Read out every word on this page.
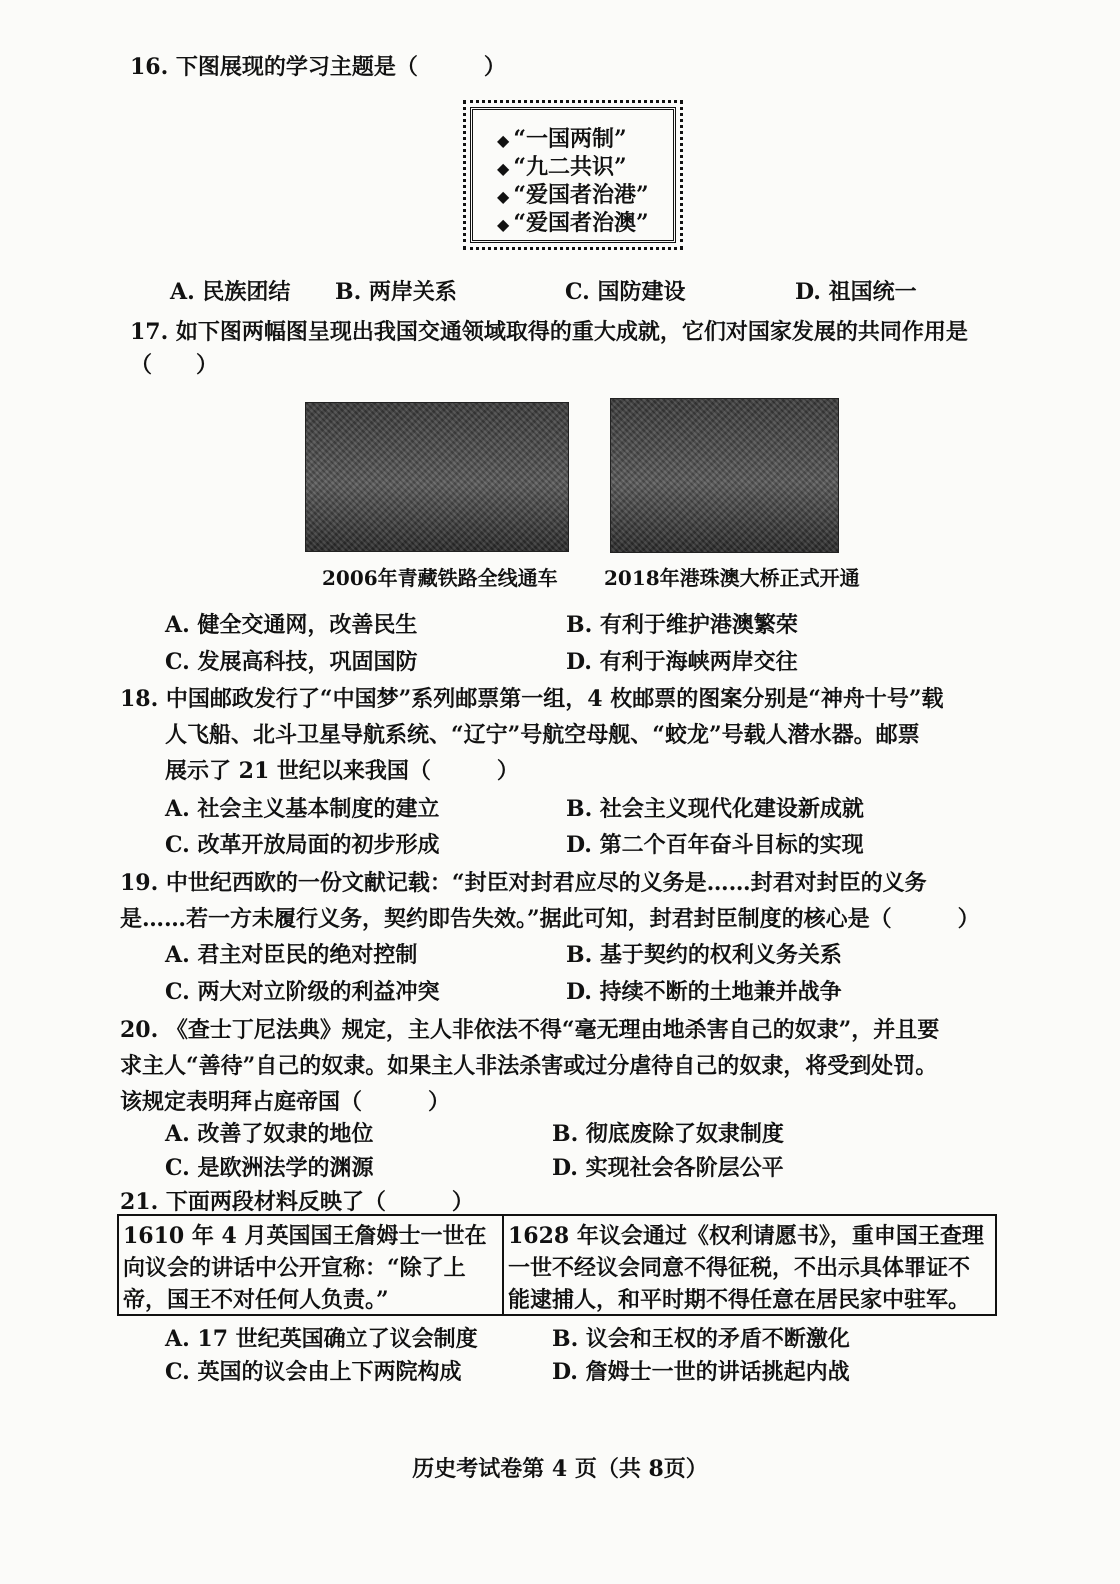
16. 下图展现的学习主题是（　　　）
◆ “一国两制”
◆ “九二共识”
◆ “爱国者治港”
◆ “爱国者治澳”
A. 民族团结 B. 两岸关系	C. 国防建设	D. 祖国统一
17. 如下图两幅图呈现出我国交通领域取得的重大成就，它们对国家发展的共同作用是
（　　）
2006年青藏铁路全线通车 2018年港珠澳大桥正式开通
A. 健全交通网，改善民生	B. 有利于维护港澳繁荣
C. 发展高科技，巩固国防	D. 有利于海峡两岸交往
18. 中国邮政发行了“中国梦”系列邮票第一组，4 枚邮票的图案分别是“神舟十号”载
人飞船、北斗卫星导航系统、“辽宁”号航空母舰、“蛟龙”号载人潜水器。邮票
展示了 21 世纪以来我国（　　　）
A. 社会主义基本制度的建立	B. 社会主义现代化建设新成就
C. 改革开放局面的初步形成	D. 第二个百年奋斗目标的实现
19. 中世纪西欧的一份文献记载：“封臣对封君应尽的义务是……封君对封臣的义务
是……若一方未履行义务，契约即告失效。”据此可知，封君封臣制度的核心是（　　　）
A. 君主对臣民的绝对控制	B. 基于契约的权利义务关系
C. 两大对立阶级的利益冲突	D. 持续不断的土地兼并战争
20. 《查士丁尼法典》规定，主人非依法不得“毫无理由地杀害自己的奴隶”，并且要
求主人“善待”自己的奴隶。如果主人非法杀害或过分虐待自己的奴隶，将受到处罚。
该规定表明拜占庭帝国（　　　）
A. 改善了奴隶的地位	B. 彻底废除了奴隶制度
C. 是欧洲法学的渊源	D. 实现社会各阶层公平
21. 下面两段材料反映了（　　　）
1610 年 4 月英国国王詹姆士一世在向议会的讲话中公开宣称：“除了上帝，国王不对任何人负责。”
1628 年议会通过《权利请愿书》，重申国王查理一世不经议会同意不得征税，不出示具体罪证不能逮捕人，和平时期不得任意在居民家中驻军。
A. 17 世纪英国确立了议会制度	B. 议会和王权的矛盾不断激化
C. 英国的议会由上下两院构成	D. 詹姆士一世的讲话挑起内战
历史考试卷第 4 页（共 8页）
